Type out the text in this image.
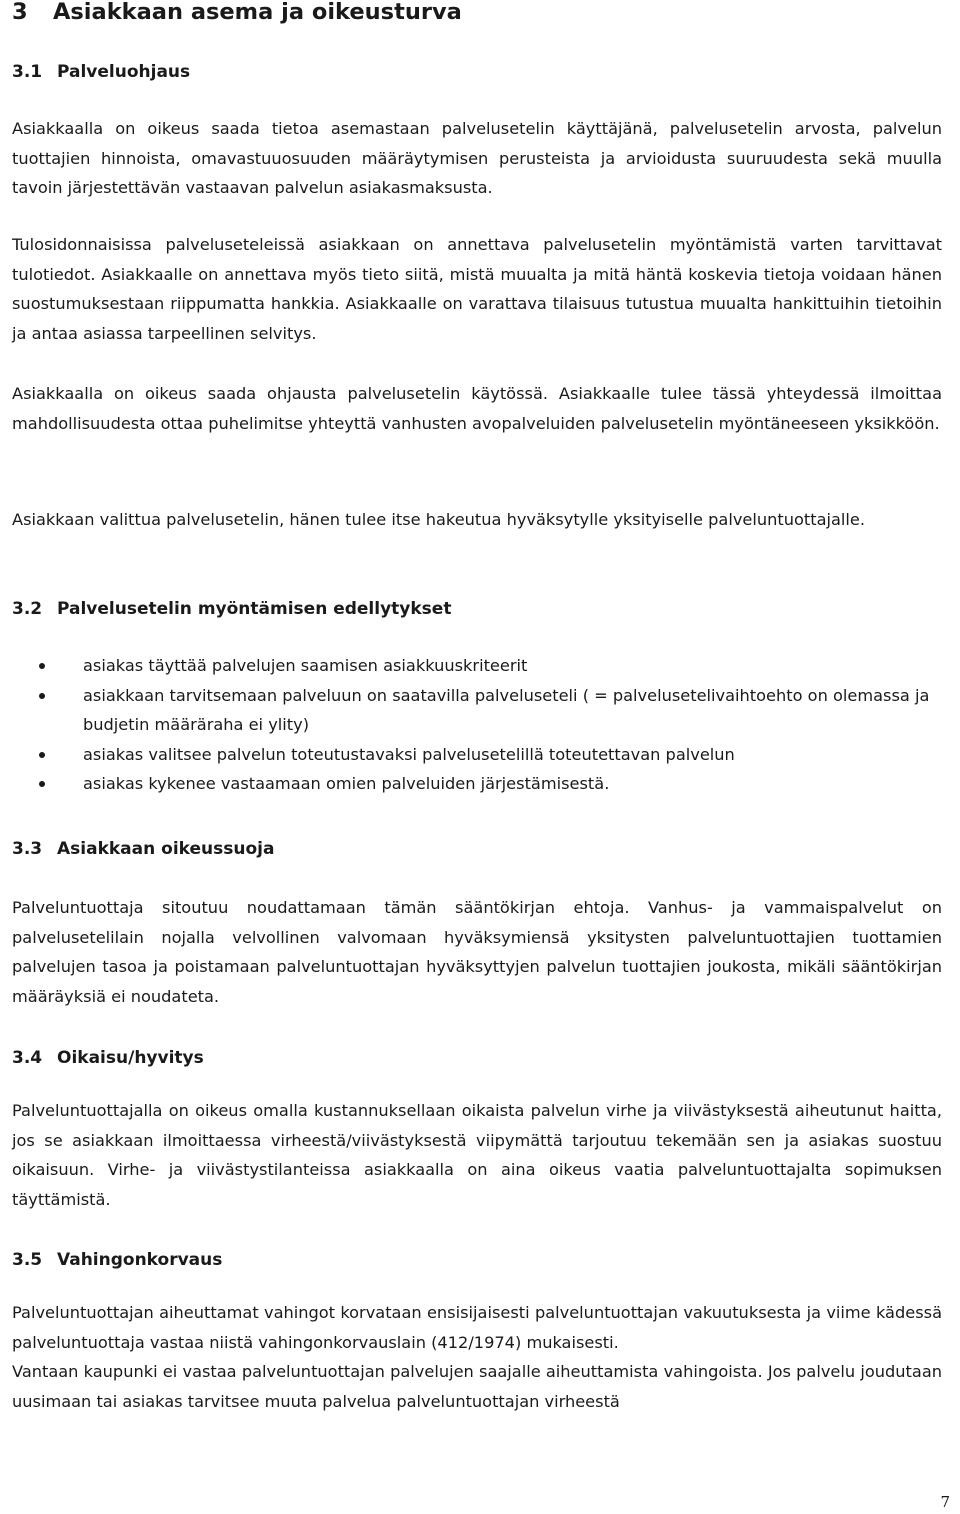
3 Asiakkaan asema ja oikeusturva
3.1 Palveluohjaus
Asiakkaalla on oikeus saada tietoa asemastaan palvelusetelin käyttäjänä, palvelusetelin arvosta, palvelun tuottajien hinnoista, omavastuuosuuden määräytymisen perusteista ja arvioidusta suuruudesta sekä muulla tavoin järjestettävän vastaavan palvelun asiakasmaksusta.
Tulosidonnaisissa palveluseteleissä asiakkaan on annettava palvelusetelin myöntämistä varten tarvittavat tulotiedot. Asiakkaalle on annettava myös tieto siitä, mistä muualta ja mitä häntä koskevia tietoja voidaan hänen suostumuksestaan riippumatta hankkia. Asiakkaalle on varattava tilaisuus tutustua muualta hankittuihin tietoihin ja antaa asiassa tarpeellinen selvitys.
Asiakkaalla on oikeus saada ohjausta palvelusetelin käytössä. Asiakkaalle tulee tässä yhteydessä ilmoittaa mahdollisuudesta ottaa puhelimitse yhteyttä vanhusten avopalveluiden palvelusetelin myöntäneeseen yksikköön.
Asiakkaan valittua palvelusetelin, hänen tulee itse hakeutua hyväksytylle yksityiselle palveluntuottajalle.
3.2 Palvelusetelin myöntämisen edellytykset
asiakas täyttää palvelujen saamisen asiakkuuskriteerit
asiakkaan tarvitsemaan palveluun on saatavilla palveluseteli ( = palvelusetelivaihtoehto on olemassa ja budjetin määräraha ei ylity)
asiakas valitsee palvelun toteutustavaksi palvelusetelillä toteutettavan palvelun
asiakas kykenee vastaamaan omien palveluiden järjestämisestä.
3.3 Asiakkaan oikeussuoja
Palveluntuottaja sitoutuu noudattamaan tämän sääntökirjan ehtoja. Vanhus- ja vammaispalvelut on palvelusetelilain nojalla velvollinen valvomaan hyväksymiensä yksitysten palveluntuottajien tuottamien palvelujen tasoa ja poistamaan palveluntuottajan hyväksyttyjen palvelun tuottajien joukosta, mikäli sääntökirjan määräyksiä ei noudateta.
3.4 Oikaisu/hyvitys
Palveluntuottajalla on oikeus omalla kustannuksellaan oikaista palvelun virhe ja viivästyksestä aiheutunut haitta, jos se asiakkaan ilmoittaessa virheestä/viivästyksestä viipymättä tarjoutuu tekemään sen ja asiakas suostuu oikaisuun. Virhe- ja viivästystilanteissa asiakkaalla on aina oikeus vaatia palveluntuottajalta sopimuksen täyttämistä.
3.5 Vahingonkorvaus
Palveluntuottajan aiheuttamat vahingot korvataan ensisijaisesti palveluntuottajan vakuutuksesta ja viime kädessä palveluntuottaja vastaa niistä vahingonkorvauslain (412/1974) mukaisesti.
Vantaan kaupunki ei vastaa palveluntuottajan palvelujen saajalle aiheuttamista vahingoista. Jos palvelu joudutaan uusimaan tai asiakas tarvitsee muuta palvelua palveluntuottajan virheestä
7
